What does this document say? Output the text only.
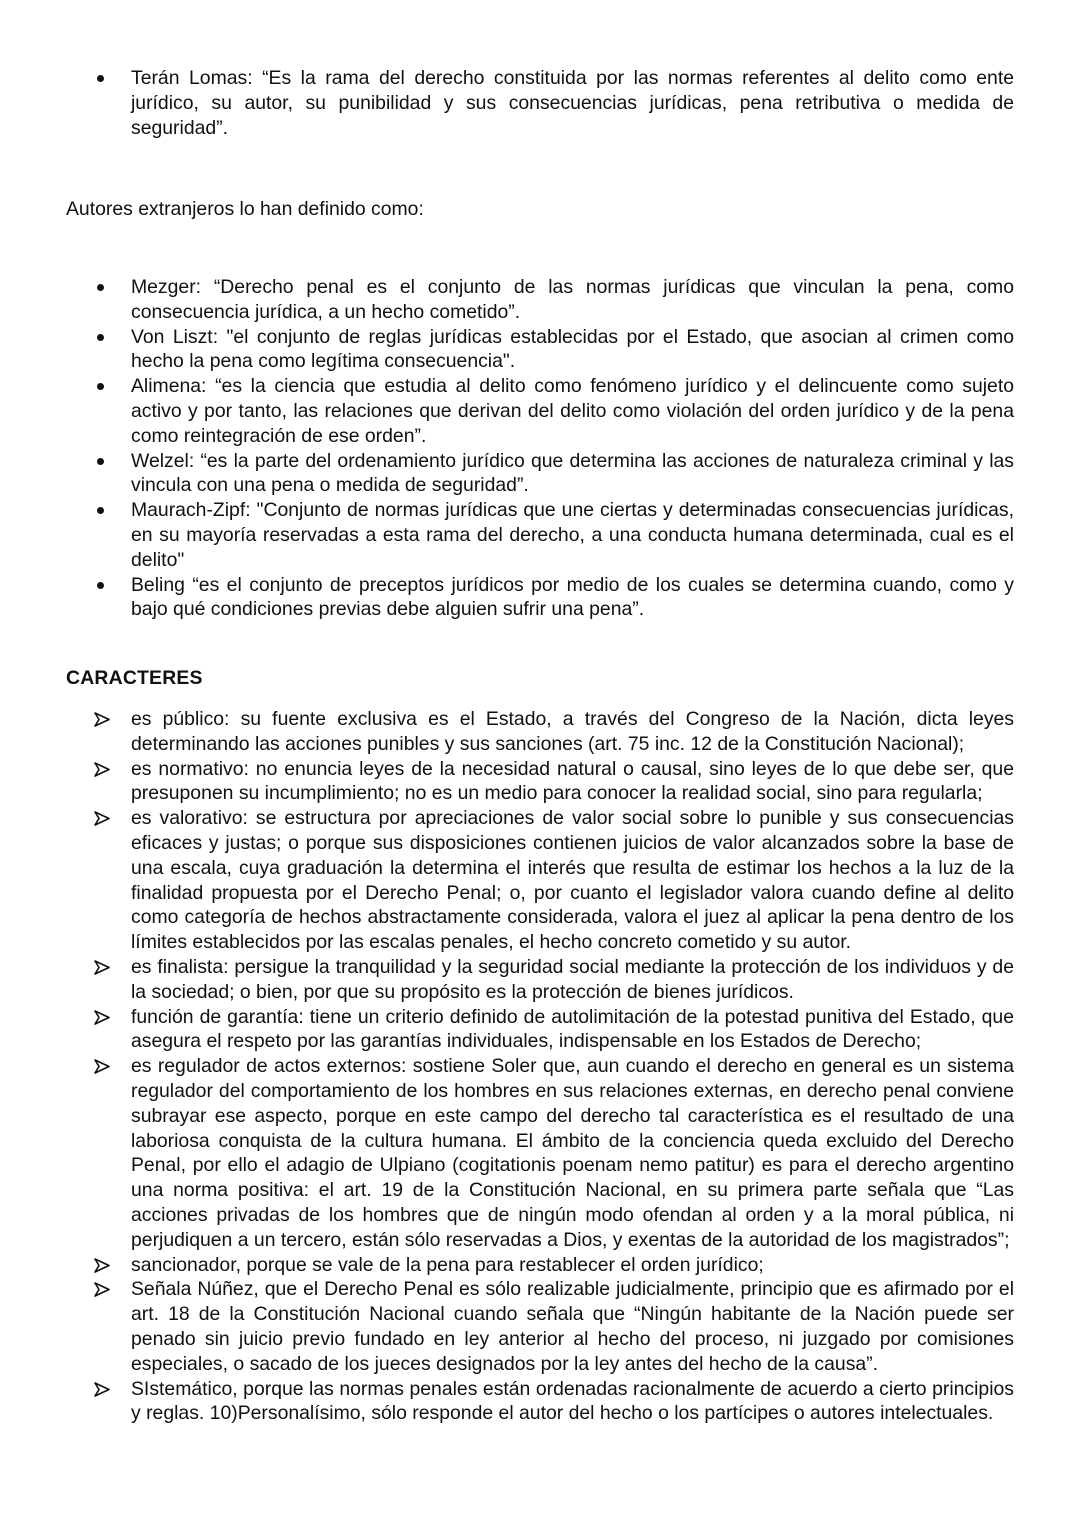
Terán Lomas: “Es la rama del derecho constituida por las normas referentes al delito como ente jurídico, su autor, su punibilidad y sus consecuencias jurídicas, pena retributiva o medida de seguridad”.

Autores extranjeros lo han definido como:

Mezger: “Derecho penal es el conjunto de las normas jurídicas que vinculan la pena, como consecuencia jurídica, a un hecho cometido”.
Von Liszt: "el conjunto de reglas jurídicas establecidas por el Estado, que asocian al crimen como hecho la pena como legítima consecuencia".
Alimena: “es la ciencia que estudia al delito como fenómeno jurídico y el delincuente como sujeto activo y por tanto, las relaciones que derivan del delito como violación del orden jurídico y de la pena como reintegración de ese orden”.
Welzel: “es la parte del ordenamiento jurídico que determina las acciones de naturaleza criminal y las vincula con una pena o medida de seguridad”.
Maurach-Zipf: "Conjunto de normas jurídicas que une ciertas y determinadas consecuencias jurídicas, en su mayoría reservadas a esta rama del derecho, a una conducta humana determinada, cual es el delito"
Beling “es el conjunto de preceptos jurídicos por medio de los cuales se determina cuando, como y bajo qué condiciones previas debe alguien sufrir una pena”.
CARACTERES
es público: su fuente exclusiva es el Estado, a través del Congreso de la Nación, dicta leyes determinando las acciones punibles y sus sanciones (art. 75 inc. 12 de la Constitución Nacional);
es normativo: no enuncia leyes de la necesidad natural o causal, sino leyes de lo que debe ser, que presuponen su incumplimiento; no es un medio para conocer la realidad social, sino para regularla;
es valorativo: se estructura por apreciaciones de valor social sobre lo punible y sus consecuencias eficaces y justas; o porque sus disposiciones contienen juicios de valor alcanzados sobre la base de una escala, cuya graduación la determina el interés que resulta de estimar los hechos a la luz de la finalidad propuesta por el Derecho Penal; o, por cuanto el legislador valora cuando define al delito como categoría de hechos abstractamente considerada, valora el juez al aplicar la pena dentro de los límites establecidos por las escalas penales, el hecho concreto cometido y su autor.
es finalista: persigue la tranquilidad y la seguridad social mediante la protección de los individuos y de la sociedad; o bien, por que su propósito es la protección de bienes jurídicos.
función de garantía: tiene un criterio definido de autolimitación de la potestad punitiva del Estado, que asegura el respeto por las garantías individuales, indispensable en los Estados de Derecho;
es regulador de actos externos: sostiene Soler que, aun cuando el derecho en general es un sistema regulador del comportamiento de los hombres en sus relaciones externas, en derecho penal conviene subrayar ese aspecto, porque en este campo del derecho tal característica es el resultado de una laboriosa conquista de la cultura humana. El ámbito de la conciencia queda excluido del Derecho Penal, por ello el adagio de Ulpiano (cogitationis poenam nemo patitur) es para el derecho argentino una norma positiva: el art. 19 de la Constitución Nacional, en su primera parte señala que “Las acciones privadas de los hombres que de ningún modo ofendan al orden y a la moral pública, ni perjudiquen a un tercero, están sólo reservadas a Dios, y exentas de la autoridad de los magistrados”;
sancionador, porque se vale de la pena para restablecer el orden jurídico;
Señala Núñez, que el Derecho Penal es sólo realizable judicialmente, principio que es afirmado por el art. 18 de la Constitución Nacional cuando señala que “Ningún habitante de la Nación puede ser penado sin juicio previo fundado en ley anterior al hecho del proceso, ni juzgado por comisiones especiales, o sacado de los jueces designados por la ley antes del hecho de la causa”.
SIstemático, porque las normas penales están ordenadas racionalmente de acuerdo a cierto principios y reglas. 10)Personalísimo, sólo responde el autor del hecho o los partícipes o autores intelectuales.
